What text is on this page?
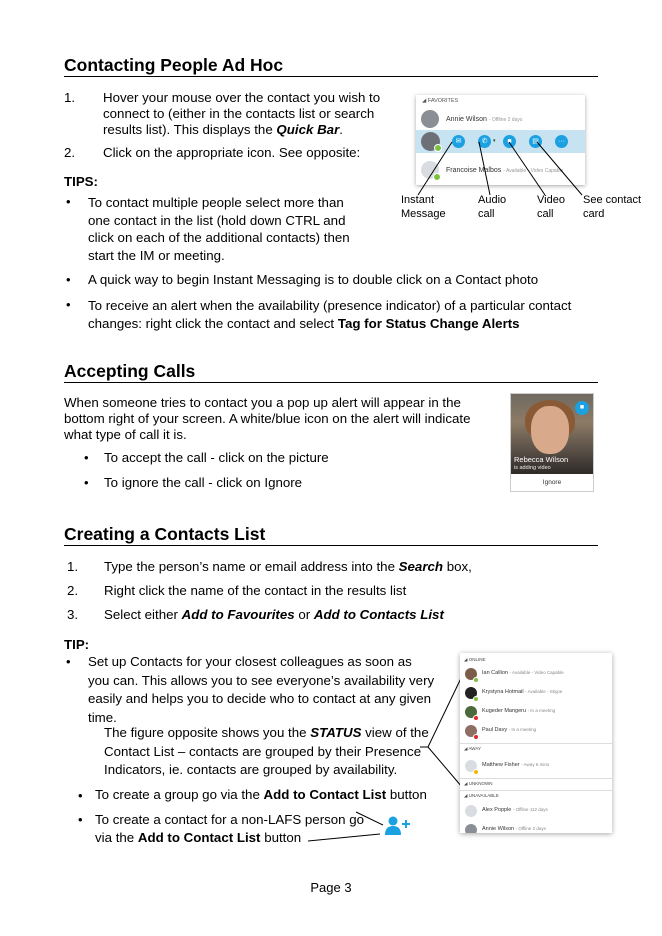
Contacting People Ad Hoc
1. Hover your mouse over the contact you wish to
connect to (either in the contacts list or search
results list). This displays the Quick Bar.
2. Click on the appropriate icon. See opposite:
TIPS:
• To contact multiple people select more than
one contact in the list (hold down CTRL and
click on each of the additional contacts) then
start the IM or meeting.
• A quick way to begin Instant Messaging is to double click on a Contact photo
• To receive an alert when the availability (presence indicator) of a particular contact
changes: right click the contact and select Tag for Status Change Alerts
◢ FAVORITES
Annie Wilson - Offline 2 days
✉	✆	▾	■	▤	···
Francoise Malbos - Available - Video Capable
Instant
Message
Audio
call
Video
call
See contact
card
Accepting Calls
When someone tries to contact you a pop up alert will appear in the
bottom right of your screen. A white/blue icon on the alert will indicate
what type of call it is.
• To accept the call - click on the picture
• To ignore the call - click on Ignore
■
Rebecca Wilson
is adding video
Ignore
Creating a Contacts List
1. Type the person’s name or email address into the Search box,
2. Right click the name of the contact in the results list
3. Select either Add to Favourites or Add to Contacts List
TIP:
• Set up Contacts for your closest colleagues as soon as
you can. This allows you to see everyone’s availability very
easily and helps you to decide who to contact at any given
time.
The figure opposite shows you the STATUS view of the
Contact List – contacts are grouped by their Presence
Indicators, ie. contacts are grouped by availability.
• To create a group go via the Add to Contact List button
• To create a contact for a non-LAFS person go
via the Add to Contact List button
◢ ONLINE
Ian Callion - Available - Video Capable
Krystyna Hotmail - Available - Skype
Kugeder Mangeru - In a meeting
Paul Davy - In a meeting
◢ AWAY
Matthew Fisher - Away 6 mins
◢ UNKNOWN
◢ UNAVAILABLE
Alex Popple - Offline 112 days
Annie Wilson - Offline 2 days
Page 3
